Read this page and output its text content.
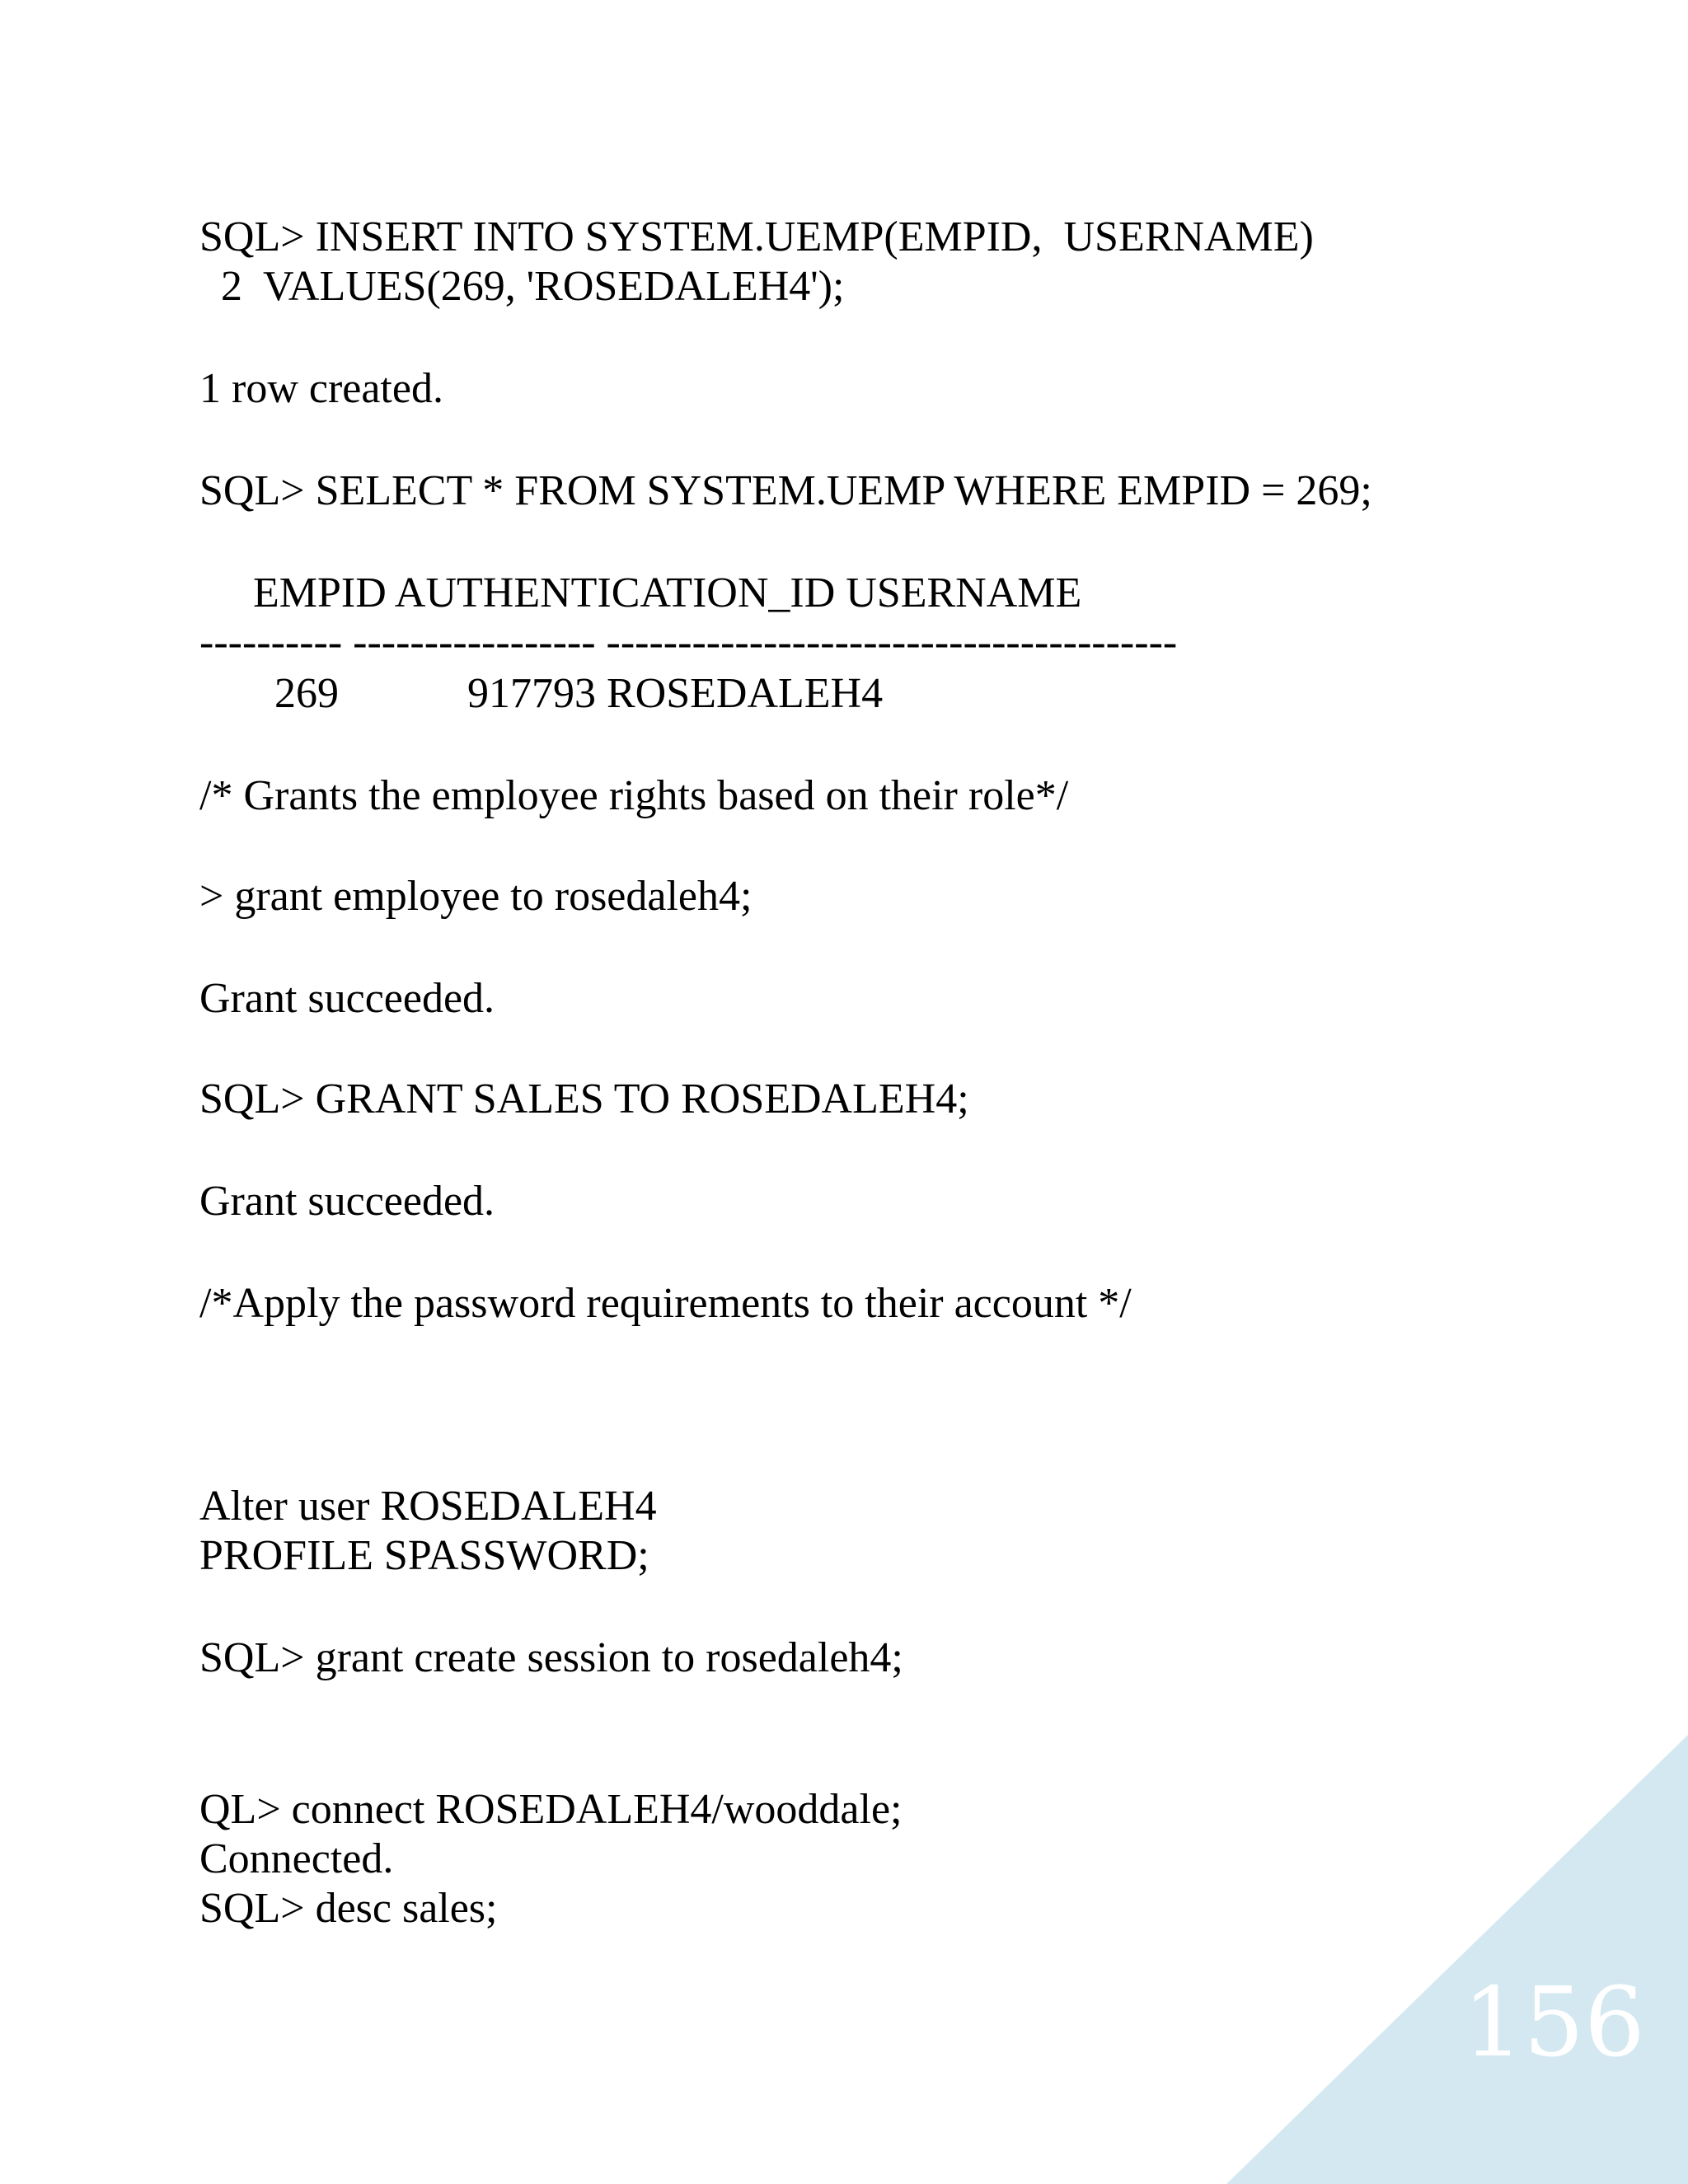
SQL> INSERT INTO SYSTEM.UEMP(EMPID,  USERNAME)

2  VALUES(269, 'ROSEDALEH4');

1 row created.

SQL> SELECT * FROM SYSTEM.UEMP WHERE EMPID = 269;

EMPID AUTHENTICATION_ID USERNAME

---------- ----------------- ----------------------------------------

269            917793 ROSEDALEH4

/* Grants the employee rights based on their role*/

> grant employee to rosedaleh4;

Grant succeeded.

SQL> GRANT SALES TO ROSEDALEH4;

Grant succeeded.

/*Apply the password requirements to their account */

Alter user ROSEDALEH4

PROFILE SPASSWORD;

SQL> grant create session to rosedaleh4;

QL> connect ROSEDALEH4/wooddale;

Connected.

SQL> desc sales;

156
